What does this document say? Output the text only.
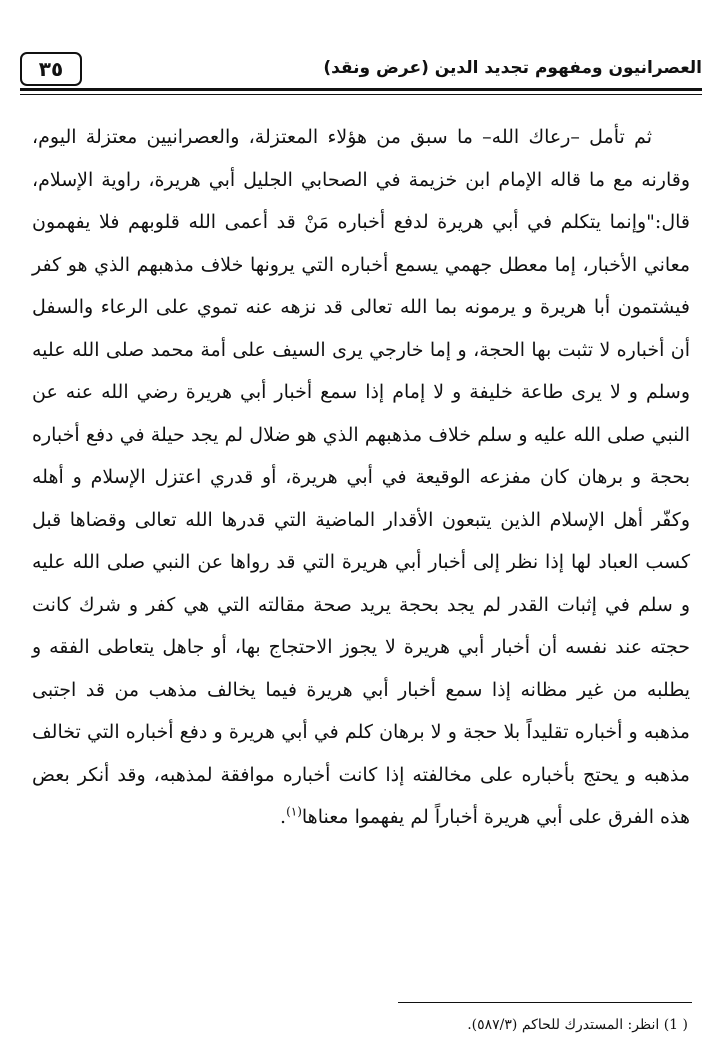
٣٥	العصرانيون ومفهوم تجديد الدين (عرض ونقد)

ثم تأمل –رعاك الله– ما سبق من هؤلاء المعتزلة، والعصرانيين معتزلة اليوم، وقارنه مع ما قاله الإمام ابن خزيمة في الصحابي الجليل أبي هريرة، راوية الإسلام، قال:"وإنما يتكلم في أبي هريرة لدفع أخباره مَنْ قد أعمى الله قلوبهم فلا يفهمون معاني الأخبار، إما معطل جهمي يسمع أخباره التي يرونها خلاف مذهبهم الذي هو كفر فيشتمون أبا هريرة و يرمونه بما الله تعالى قد نزهه عنه تموي على الرعاء والسفل أن أخباره لا تثبت بها الحجة، و إما خارجي يرى السيف على أمة محمد صلى الله عليه وسلم و لا يرى طاعة خليفة و لا إمام إذا سمع أخبار أبي هريرة رضي الله عنه عن النبي صلى الله عليه و سلم خلاف مذهبهم الذي هو ضلال لم يجد حيلة في دفع أخباره بحجة و برهان كان مفزعه الوقيعة في أبي هريرة، أو قدري اعتزل الإسلام و أهله وكفّر أهل الإسلام الذين يتبعون الأقدار الماضية التي قدرها الله تعالى وقضاها قبل كسب العباد لها إذا نظر إلى أخبار أبي هريرة التي قد رواها عن النبي صلى الله عليه و سلم في إثبات القدر لم يجد بحجة يريد صحة مقالته التي هي كفر و شرك كانت حجته عند نفسه أن أخبار أبي هريرة لا يجوز الاحتجاج بها، أو جاهل يتعاطى الفقه و يطلبه من غير مظانه إذا سمع أخبار أبي هريرة فيما يخالف مذهب من قد اجتبى مذهبه و أخباره تقليداً بلا حجة و لا برهان كلم في أبي هريرة و دفع أخباره التي تخالف مذهبه و يحتج بأخباره على مخالفته إذا كانت أخباره موافقة لمذهبه، وقد أنكر بعض هذه الفرق على أبي هريرة أخباراً لم يفهموا معناها$^{(١)}$.

( 1) انظر: المستدرك للحاكم (٥٨٧/٣).
